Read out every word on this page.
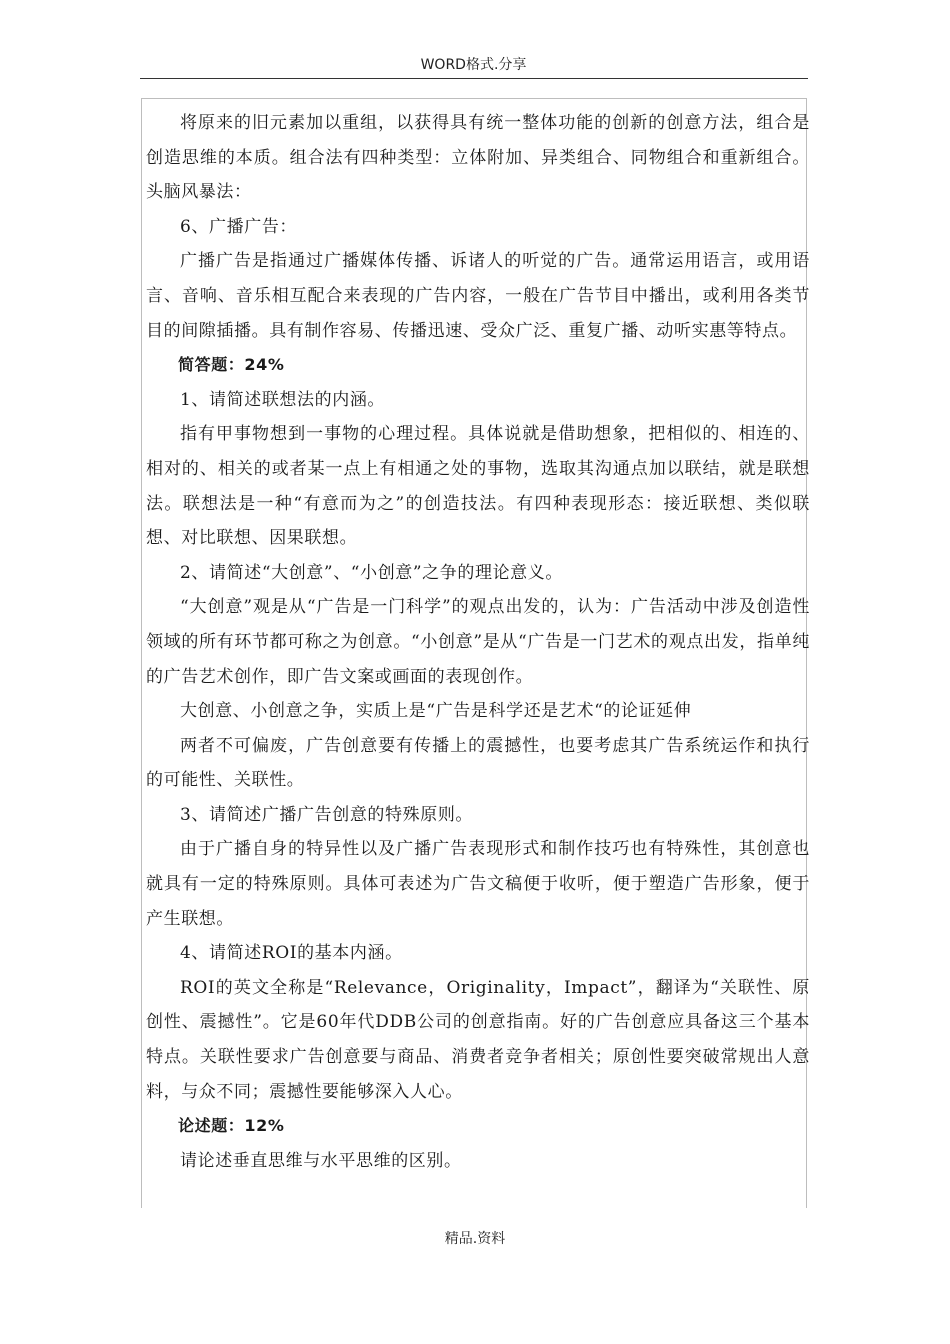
WORD格式.分享

将原来的旧元素加以重组，以获得具有统一整体功能的创新的创意方法，组合是创造思维的本质。组合法有四种类型：立体附加、异类组合、同物组合和重新组合。头脑风暴法：

6、广播广告：

广播广告是指通过广播媒体传播、诉诸人的听觉的广告。通常运用语言，或用语言、音响、音乐相互配合来表现的广告内容，一般在广告节目中播出，或利用各类节目的间隙插播。具有制作容易、传播迅速、受众广泛、重复广播、动听实惠等特点。

简答题：24%

1、请简述联想法的内涵。

指有甲事物想到一事物的心理过程。具体说就是借助想象，把相似的、相连的、相对的、相关的或者某一点上有相通之处的事物，选取其沟通点加以联结，就是联想法。联想法是一种“有意而为之”的创造技法。有四种表现形态：接近联想、类似联想、对比联想、因果联想。

2、请简述“大创意”、“小创意”之争的理论意义。

“大创意”观是从“广告是一门科学”的观点出发的，认为：广告活动中涉及创造性领域的所有环节都可称之为创意。“小创意”是从“广告是一门艺术的观点出发，指单纯的广告艺术创作，即广告文案或画面的表现创作。

大创意、小创意之争，实质上是“广告是科学还是艺术“的论证延伸

两者不可偏废，广告创意要有传播上的震撼性，也要考虑其广告系统运作和执行的可能性、关联性。

3、请简述广播广告创意的特殊原则。

由于广播自身的特异性以及广播广告表现形式和制作技巧也有特殊性，其创意也就具有一定的特殊原则。具体可表述为广告文稿便于收听，便于塑造广告形象，便于产生联想。

4、请简述ROI的基本内涵。

ROI的英文全称是“Relevance，Originality，Impact”，翻译为“关联性、原创性、震撼性”。它是60年代DDB公司的创意指南。好的广告创意应具备这三个基本特点。关联性要求广告创意要与商品、消费者竞争者相关；原创性要突破常规出人意料，与众不同；震撼性要能够深入人心。

论述题：12%

请论述垂直思维与水平思维的区别。

精品.资料
